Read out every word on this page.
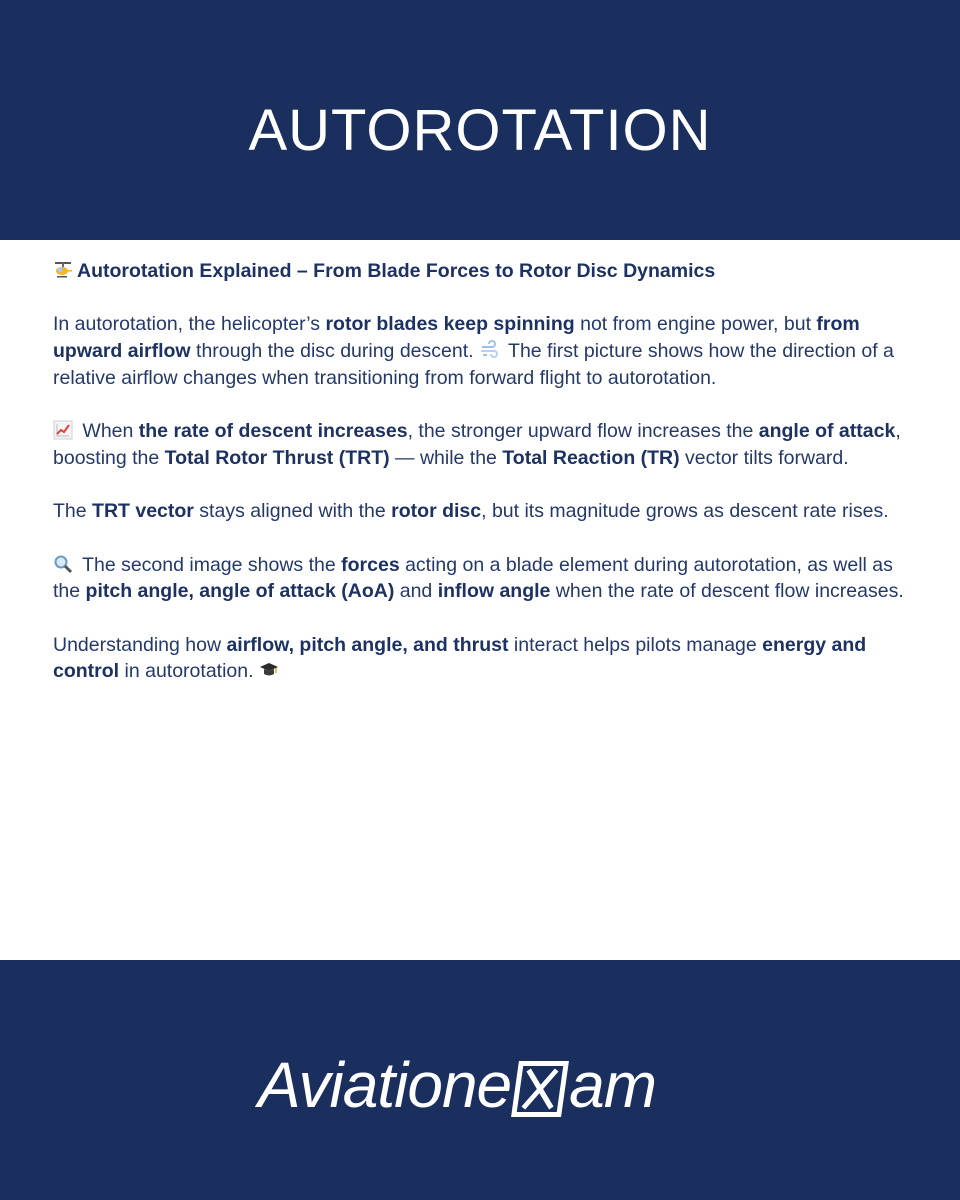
AUTOROTATION

Autorotation Explained – From Blade Forces to Rotor Disc Dynamics

In autorotation, the helicopter’s rotor blades keep spinning not from engine power, but from upward airflow through the disc during descent.  The first picture shows how the direction of a relative airflow changes when transitioning from forward flight to autorotation.

When the rate of descent increases, the stronger upward flow increases the angle of attack, boosting the Total Rotor Thrust (TRT) — while the Total Reaction (TR) vector tilts forward.

The TRT vector stays aligned with the rotor disc, but its magnitude grows as descent rate rises.

The second image shows the forces acting on a blade element during autorotation, as well as the pitch angle, angle of attack (AoA) and inflow angle when the rate of descent flow increases.

Understanding how airflow, pitch angle, and thrust interact helps pilots manage energy and control in autorotation.

Aviatione am
